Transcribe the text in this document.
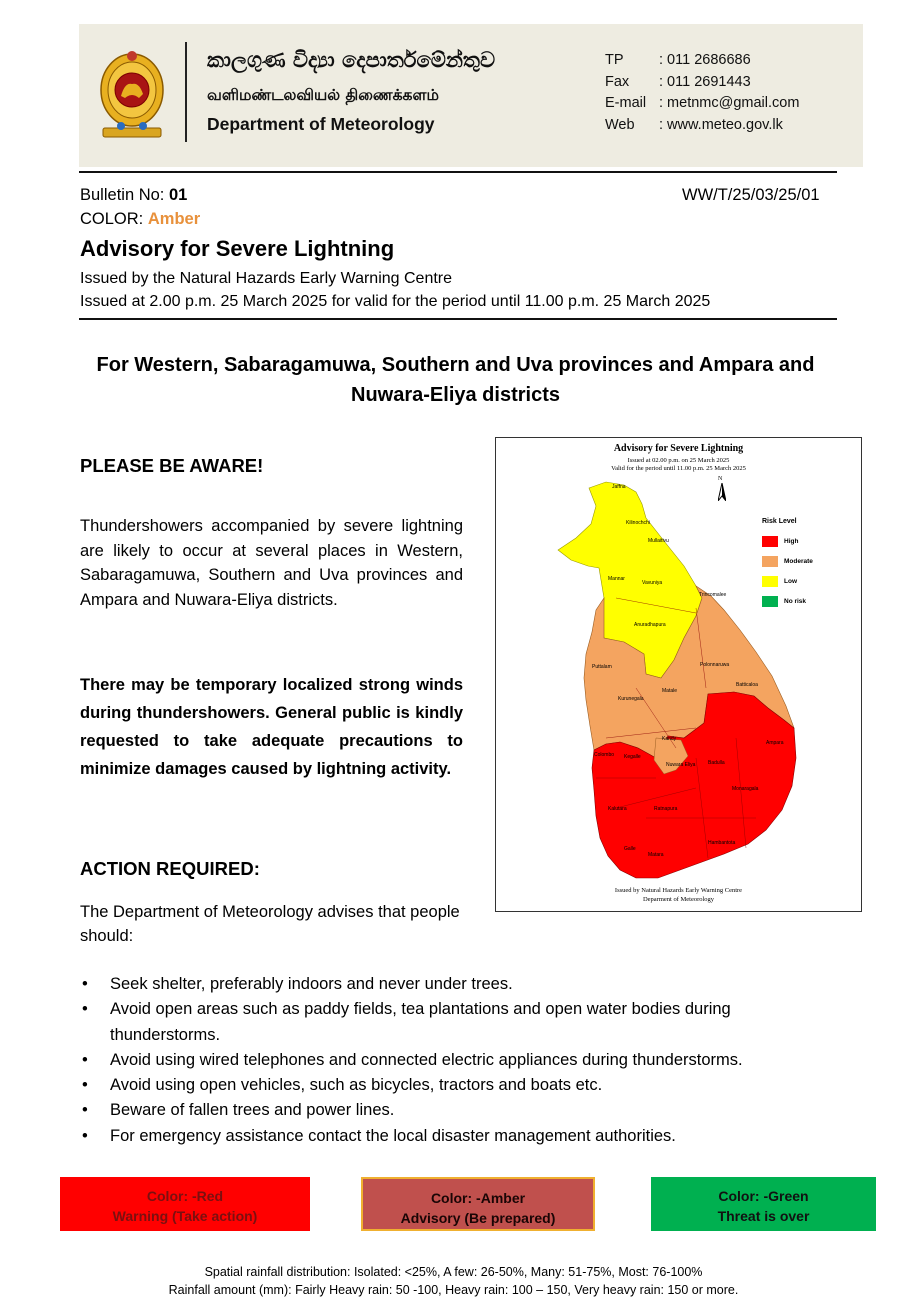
කාලගුණ විද්‍යා දෙපාර්තමේන්තුව
வளிமண்டலவியல் திணைக்களம்
Department of Meteorology
TP	: 011 2686686
Fax	: 011 2691443
E-mail : metnmc@gmail.com
Web	: www.meteo.gov.lk
Bulletin No: 01	WW/T/25/03/25/01
COLOR: Amber
Advisory for Severe Lightning
Issued by the Natural Hazards Early Warning Centre
Issued at 2.00 p.m. 25 March 2025 for valid for the period until 11.00 p.m. 25 March 2025
For Western, Sabaragamuwa, Southern and Uva provinces and Ampara and Nuwara-Eliya districts
PLEASE BE AWARE!
Thundershowers accompanied by severe lightning are likely to occur at several places in Western, Sabaragamuwa, Southern and Uva provinces and Ampara and Nuwara-Eliya districts.
There may be temporary localized strong winds during thundershowers. General public is kindly requested to take adequate precautions to minimize damages caused by lightning activity.
ACTION REQUIRED:
The Department of Meteorology advises that people should:
• Seek shelter, preferably indoors and never under trees.
• Avoid open areas such as paddy fields, tea plantations and open water bodies during thunderstorms.
• Avoid using wired telephones and connected electric appliances during thunderstorms.
• Avoid using open vehicles, such as bicycles, tractors and boats etc.
• Beware of fallen trees and power lines.
• For emergency assistance contact the local disaster management authorities.
Advisory for Severe Lightning
Issued at 02.00 p.m. on 25 March 2025
Valid for the period until 11.00 p.m. 25 March 2025
N
Jaffna
Kilinochchi
Mullaitivu
Mannar
Vavuniya
Trincomalee
Anuradhapura
Puttalam	Polonnaruwa
Batticaloa
Kurunegala
Matale
Kandy
Ampara
Kegalle
Nuwara Eliya	Badulla
Colombo
Monaragala
Kalutara	Ratnapura
Galle
Matara
Hambantota
Risk Level
High
Moderate
Low
No risk
Issued by Natural Hazards Early Warning Centre
Deparment of Meteorology
Color: -Red
Warning (Take action)
Color: -Amber
Advisory (Be prepared)
Color: -Green
Threat is over
Spatial rainfall distribution: Isolated: <25%, A few: 26-50%, Many: 51-75%, Most: 76-100%
Rainfall amount (mm): Fairly Heavy rain: 50 -100, Heavy rain: 100 – 150, Very heavy rain: 150 or more.
